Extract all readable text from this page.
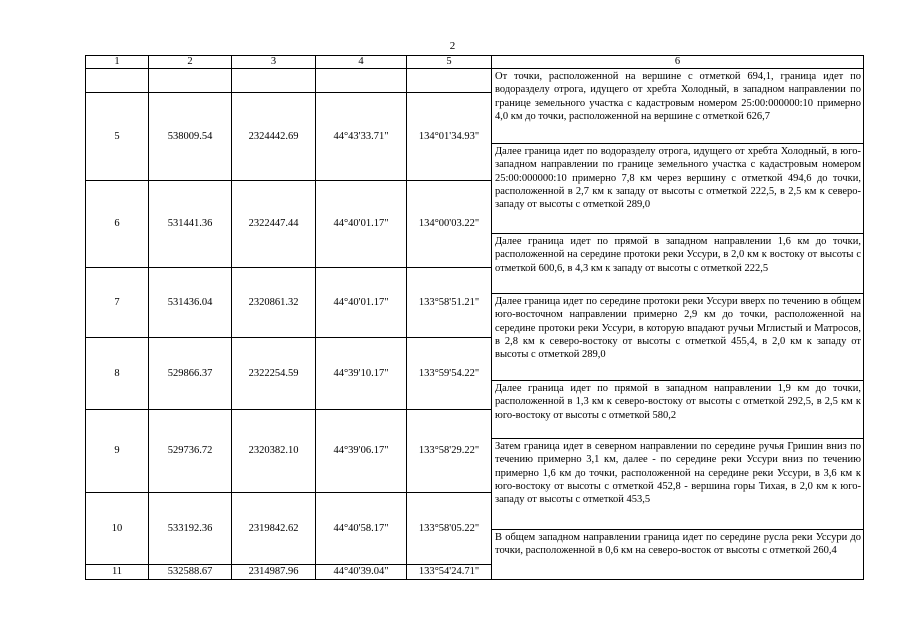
2
1	2	3	4	5	6
					От точки, расположенной на вершине с отметкой 694,1, граница идет по водоразделу отрога, идущего от хребта Холодный, в западном направлении по границе земельного участка с кадастровым номером 25:00:000000:10 примерно 4,0 км до точки, расположенной на вершине с отметкой 626,7
5	538009.54	2324442.69	44°43'33.71"	134°01'34.93"	
					Далее граница идет по водоразделу отрога, идущего от хребта Холодный, в юго-западном направлении по границе земельного участка с кадастровым номером 25:00:000000:10 примерно 7,8 км через вершину с отметкой 494,6 до точки, расположенной в 2,7 км к западу от высоты с отметкой 222,5, в 2,5 км к северо-западу от высоты с отметкой 289,0
6	531441.36	2322447.44	44°40'01.17"	134°00'03.22"	
					Далее граница идет по прямой в западном направлении 1,6 км до точки, расположенной на середине протоки реки Уссури, в 2,0 км к востоку от высоты с отметкой 600,6, в 4,3 км к западу от высоты с отметкой 222,5
7	531436.04	2320861.32	44°40'01.17"	133°58'51.21"	
					Далее граница идет по середине протоки реки Уссури вверх по течению в общем юго-восточном направлении примерно 2,9 км до точки, расположенной на середине протоки реки Уссури, в которую впадают ручьи Мглистый и Матросов, в 2,8 км к северо-востоку от высоты с отметкой 455,4, в 2,0 км к западу от высоты с отметкой 289,0
8	529866.37	2322254.59	44°39'10.17"	133°59'54.22"	
					Далее граница идет по прямой в западном направлении 1,9 км до точки, расположенной в 1,3 км к северо-востоку от высоты с отметкой 292,5, в 2,5 км к юго-востоку от высоты с отметкой 580,2
9	529736.72	2320382.10	44°39'06.17"	133°58'29.22"	
					Затем граница идет в северном направлении по середине ручья Гришин вниз по течению примерно 3,1 км, далее - по середине реки Уссури вниз по течению примерно 1,6 км до точки, расположенной на середине реки Уссури, в 3,6 км к юго-востоку от высоты с отметкой 452,8 - вершина горы Тихая, в 2,0 км к юго-западу от высоты с отметкой 453,5
10	533192.36	2319842.62	44°40'58.17"	133°58'05.22"	
					В общем западном направлении граница идет по середине русла реки Уссури до точки, расположенной в 0,6 км на северо-восток от высоты с отметкой 260,4
11	532588.67	2314987.96	44°40'39.04"	133°54'24.71"	
